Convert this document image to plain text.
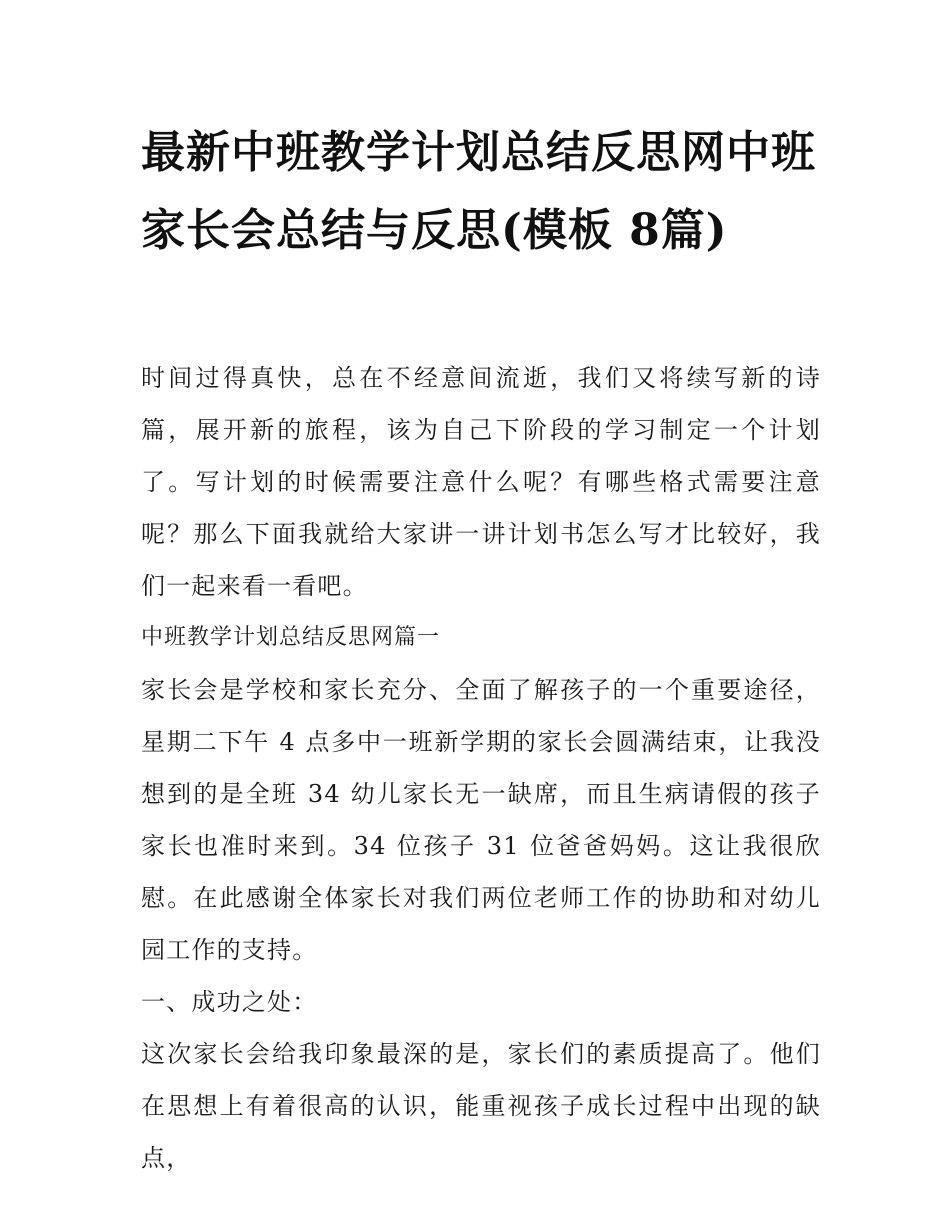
最新中班教学计划总结反思网中班家长会总结与反思(模板 8篇)

时间过得真快，总在不经意间流逝，我们又将续写新的诗篇，展开新的旅程，该为自己下阶段的学习制定一个计划了。写计划的时候需要注意什么呢？有哪些格式需要注意呢？那么下面我就给大家讲一讲计划书怎么写才比较好，我们一起来看一看吧。

中班教学计划总结反思网篇一

家长会是学校和家长充分、全面了解孩子的一个重要途径，星期二下午 4 点多中一班新学期的家长会圆满结束，让我没想到的是全班 34 幼儿家长无一缺席，而且生病请假的孩子家长也准时来到。34 位孩子 31 位爸爸妈妈。这让我很欣慰。在此感谢全体家长对我们两位老师工作的协助和对幼儿园工作的支持。

一、成功之处：

这次家长会给我印象最深的是，家长们的素质提高了。他们在思想上有着很高的认识，能重视孩子成长过程中出现的缺点，
